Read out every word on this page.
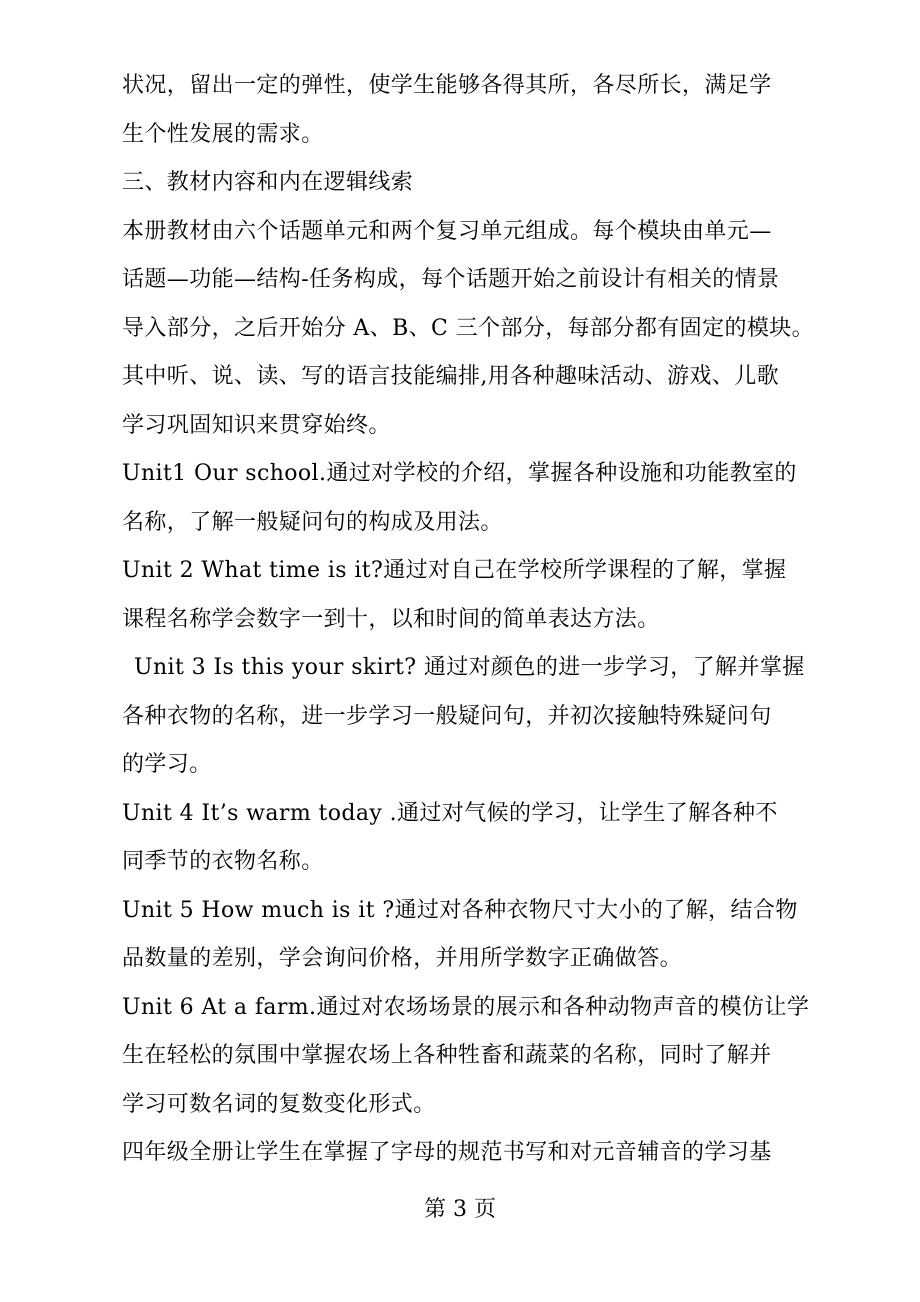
状况，留出一定的弹性，使学生能够各得其所，各尽所长，满足学
生个性发展的需求。
三、教材内容和内在逻辑线索
本册教材由六个话题单元和两个复习单元组成。每个模块由单元—
话题—功能—结构-任务构成，每个话题开始之前设计有相关的情景
导入部分，之后开始分 A、B、C 三个部分，每部分都有固定的模块。
其中听、说、读、写的语言技能编排,用各种趣味活动、游戏、儿歌
学习巩固知识来贯穿始终。
Unit1 Our school.通过对学校的介绍，掌握各种设施和功能教室的
名称，了解一般疑问句的构成及用法。
Unit 2 What time is it?通过对自己在学校所学课程的了解，掌握
课程名称学会数字一到十，以和时间的简单表达方法。
Unit 3 Is this your skirt? 通过对颜色的进一步学习，了解并掌握
各种衣物的名称，进一步学习一般疑问句，并初次接触特殊疑问句
的学习。
Unit 4 It’s warm today .通过对气候的学习，让学生了解各种不
同季节的衣物名称。
Unit 5 How much is it ?通过对各种衣物尺寸大小的了解，结合物
品数量的差别，学会询问价格，并用所学数字正确做答。
Unit 6 At a farm.通过对农场场景的展示和各种动物声音的模仿让学
生在轻松的氛围中掌握农场上各种牲畜和蔬菜的名称，同时了解并
学习可数名词的复数变化形式。
四年级全册让学生在掌握了字母的规范书写和对元音辅音的学习基
第 3 页
